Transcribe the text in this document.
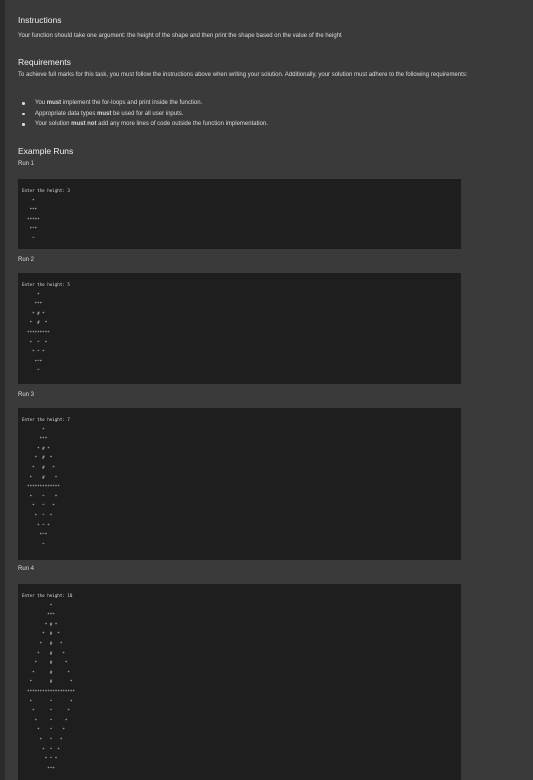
Instructions

Your function should take one argument: the height of the shape and then print the shape based on the value of the height

Requirements

To achieve full marks for this task, you must follow the instructions above when writing your solution. Additionally, your solution must adhere to the following requirements:

You must implement the for-loops and print inside the function.
Appropriate data types must be used for all user inputs.
Your solution must not add any more lines of code outside the function implementation.
Example Runs
Run 1
Enter the height: 3
*
***
*****
*^*
^
Run 2
Enter the height: 5
*
***
* # *
*  #  *
*********
*  ^  *
* ^ *
*^*
^
Run 3
Enter the height: 7
*
***
* # *
*  #  *
*   #   *
*    #    *
*************
*    ^    *
*   ^   *
*  ^  *
* ^ *
*^*
^
Run 4
Enter the height: 10
*
***
* # *
*  #  *
*   #   *
*    #    *
*     #     *
*      #      *
*       #       *
*******************
*       ^       *
*      ^      *
*     ^     *
*    ^    *
*   ^   *
*  ^  *
* ^ *
*^*
